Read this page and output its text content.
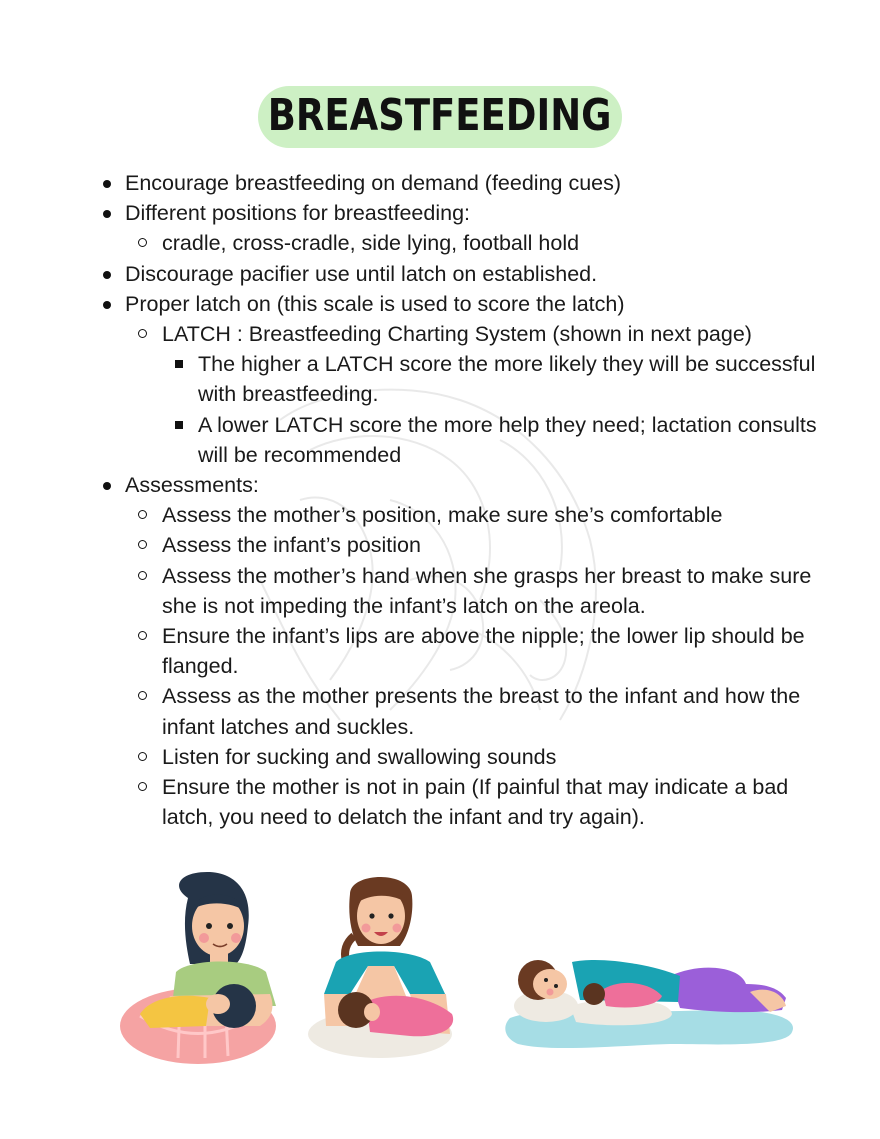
BREASTFEEDING
Encourage breastfeeding on demand (feeding cues)
Different positions for breastfeeding:
cradle, cross-cradle, side lying, football hold
Discourage pacifier use until latch on established.
Proper latch on (this scale is used to score the latch)
LATCH : Breastfeeding Charting System (shown in next page)
The higher a LATCH score the more likely they will be successful with breastfeeding.
A lower LATCH score the more help they need; lactation consults will be recommended
Assessments:
Assess the mother’s position, make sure she’s comfortable
Assess the infant’s position
Assess the mother’s hand when she grasps her breast to make sure she is not impeding the infant’s latch on the areola.
Ensure the infant’s lips are above the nipple; the lower lip should be flanged.
Assess as the mother presents the breast to the infant and how the infant latches and suckles.
Listen for sucking and swallowing sounds
Ensure the mother is not in pain (If painful that may indicate a bad latch, you need to delatch the infant and try again).
